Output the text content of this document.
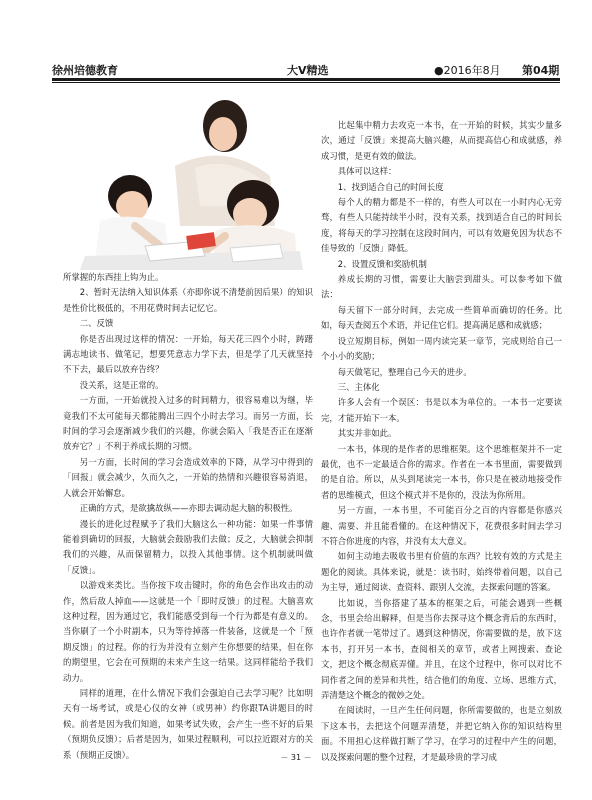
徐州培德教育	大Ⅴ精选	●2016年8月 第04期

所掌握的东西挂上钩为止。

2、暂时无法纳入知识体系（亦即你说不清楚前因后果）的知识是性价比极低的，不用花费时间去记忆它。

二、反馈

你是否出现过这样的情况：一开始，每天花三四个小时，踌躇满志地读书、做笔记，想要凭意志力学下去，但是学了几天就坚持不下去，最后以放弃告终？

没关系，这是正常的。

一方面，一开始就投入过多的时间精力，很容易难以为继，毕竟我们不太可能每天都能腾出三四个小时去学习。而另一方面，长时间的学习会逐渐减少我们的兴趣，你就会陷入「我是否正在逐渐放弃它？」不利于养成长期的习惯。

另一方面，长时间的学习会造成效率的下降，从学习中得到的「回报」就会减少，久而久之，一开始的热情和兴趣很容易消退，人就会开始懈怠。

正确的方式，是欲擒故纵——亦即去调动起大脑的积极性。

漫长的进化过程赋予了我们大脑这么一种功能：如果一件事情能着到确切的回报，大脑就会鼓励我们去做；反之，大脑就会抑制我们的兴趣，从而保留精力，以投入其他事情。这个机制就叫做「反馈」。

以游戏来类比。当你按下攻击键时，你的角色会作出攻击的动作，然后敌人掉血——这就是一个「即时反馈」的过程。大脑喜欢这种过程，因为通过它，我们能感受到每一个行为都是有意义的。当你刷了一个小时副本，只为等待掉落一件装备，这就是一个「预期反馈」的过程。你的行为并没有立刻产生你想要的结果，但在你的期望里，它会在可预期的未来产生这一结果。这同样能给予我们动力。

同样的道理，在什么情况下我们会强迫自己去学习呢？比如明天有一场考试，或是心仪的女神（或男神）约你跟TA讲题目的时候。前者是因为我们知道，如果考试失败，会产生一些不好的后果（预期负反馈）；后者是因为，如果过程顺利，可以拉近跟对方的关系（预期正反馈）。

比起集中精力去攻克一本书，在一开始的时候，其实少量多次，通过「反馈」来提高大脑兴趣，从而提高信心和成就感，养成习惯，是更有效的做法。

具体可以这样：

1、找到适合自己的时间长度

每个人的精力都是不一样的，有些人可以在一小时内心无旁骛，有些人只能持续半小时，没有关系，找到适合自己的时间长度，将每天的学习控制在这段时间内，可以有效避免因为状态不佳导致的「反馈」降低。

2、设置反馈和奖励机制

养成长期的习惯，需要让大脑尝到甜头。可以参考如下做法：

每天留下一部分时间，去完成一些简单而确切的任务。比如，每天查阅五个术语，并记住它们。提高满足感和成就感；

设立短期目标，例如一周内读完某一章节，完成则给自己一个小小的奖励；

每天做笔记，整理自己今天的进步。

三、主体化

许多人会有一个误区：书是以本为单位的。一本书一定要读完，才能开始下一本。

其实并非如此。

一本书，体现的是作者的思维框架。这个思维框架并不一定最优，也不一定最适合你的需求。作者在一本书里面，需要做到的是自洽。所以，从头到尾读完一本书，你只是在被动地接受作者的思维模式，但这个模式并不是你的，没法为你所用。

另一方面，一本书里，不可能百分之百的内容都是你感兴趣、需要、并且能看懂的。在这种情况下，花费很多时间去学习不符合你进度的内容，并没有太大意义。

如何主动地去吸收书里有价值的东西？比较有效的方式是主题化的阅读。具体来说，就是：读书时，始终带着问题，以自己为主导，通过阅读、查资料、跟别人交流，去探索问题的答案。

比如说，当你搭建了基本的框架之后，可能会遇到一些概念，书里会给出解释，但是当你去探寻这个概念背后的东西时，也许作者就一笔带过了。遇到这种情况，你需要做的是，放下这本书，打开另一本书，查阅相关的章节，或者上网搜索、查论文，把这个概念彻底弄懂。并且，在这个过程中，你可以对比不同作者之间的差异和共性，结合他们的角度、立场、思维方式，弄清楚这个概念的微妙之处。

在阅读时，一旦产生任何问题，你所需要做的，也是立刻放下这本书，去把这个问题弄清楚，并把它纳入你的知识结构里面。不用担心这样做打断了学习，在学习的过程中产生的问题，以及探索问题的整个过程，才是最珍贵的学习成

－ 31 －
